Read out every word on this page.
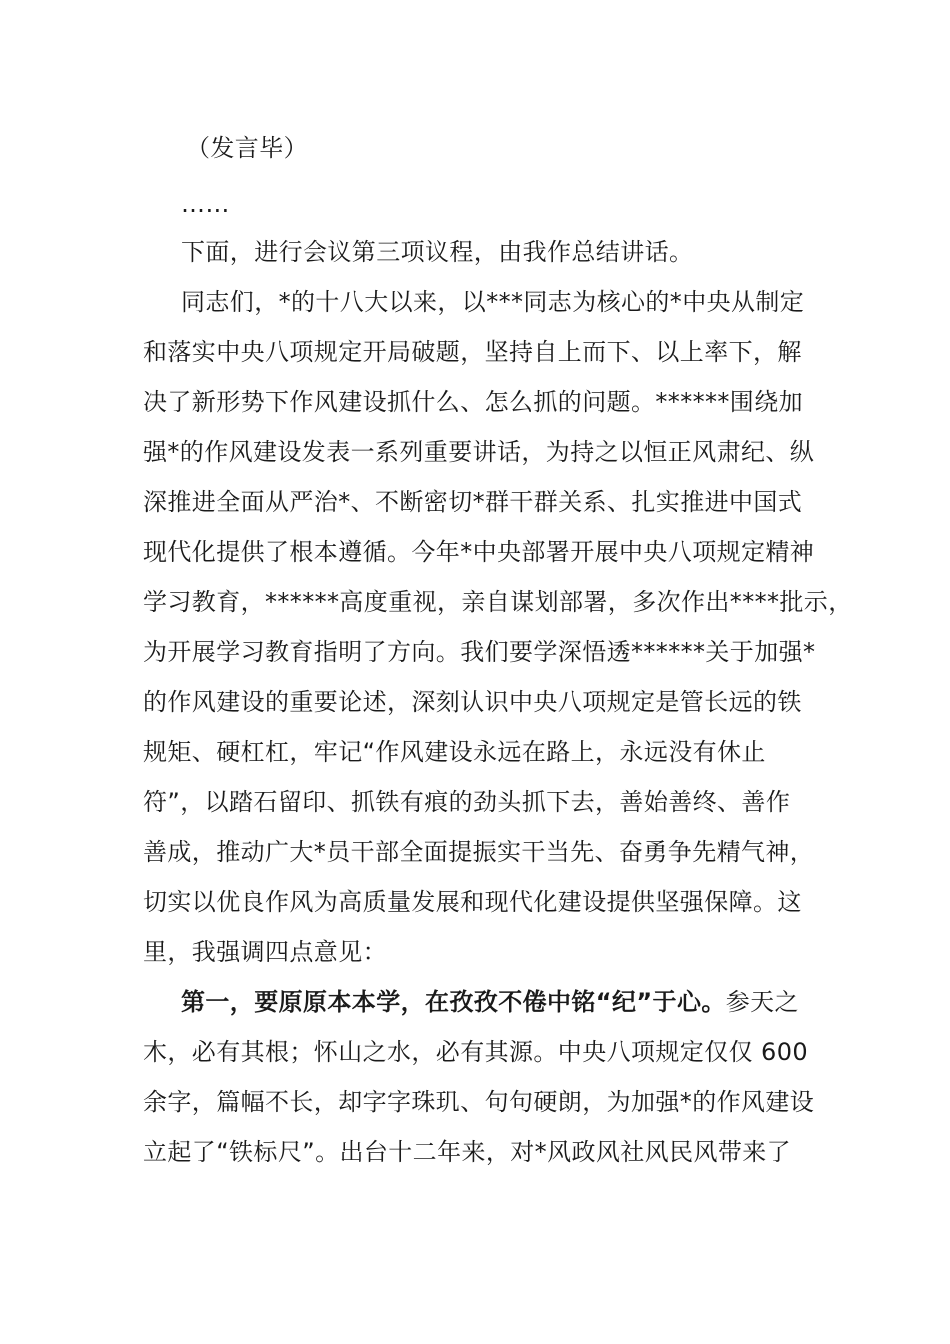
（发言毕）
……
下面，进行会议第三项议程，由我作总结讲话。
同志们，*的十八大以来，以***同志为核心的*中央从制定
和落实中央八项规定开局破题，坚持自上而下、以上率下，解
决了新形势下作风建设抓什么、怎么抓的问题。******围绕加
强*的作风建设发表一系列重要讲话，为持之以恒正风肃纪、纵
深推进全面从严治*、不断密切*群干群关系、扎实推进中国式
现代化提供了根本遵循。今年*中央部署开展中央八项规定精神
学习教育，******高度重视，亲自谋划部署，多次作出****批示，
为开展学习教育指明了方向。我们要学深悟透******关于加强*
的作风建设的重要论述，深刻认识中央八项规定是管长远的铁
规矩、硬杠杠，牢记“作风建设永远在路上，永远没有休止
符”，以踏石留印、抓铁有痕的劲头抓下去，善始善终、善作
善成，推动广大*员干部全面提振实干当先、奋勇争先精气神，
切实以优良作风为高质量发展和现代化建设提供坚强保障。这
里，我强调四点意见：
第一，要原原本本学，在孜孜不倦中铭“纪”于心。参天之
木，必有其根；怀山之水，必有其源。中央八项规定仅仅 600
余字，篇幅不长，却字字珠玑、句句硬朗，为加强*的作风建设
立起了“铁标尺”。出台十二年来，对*风政风社风民风带来了
